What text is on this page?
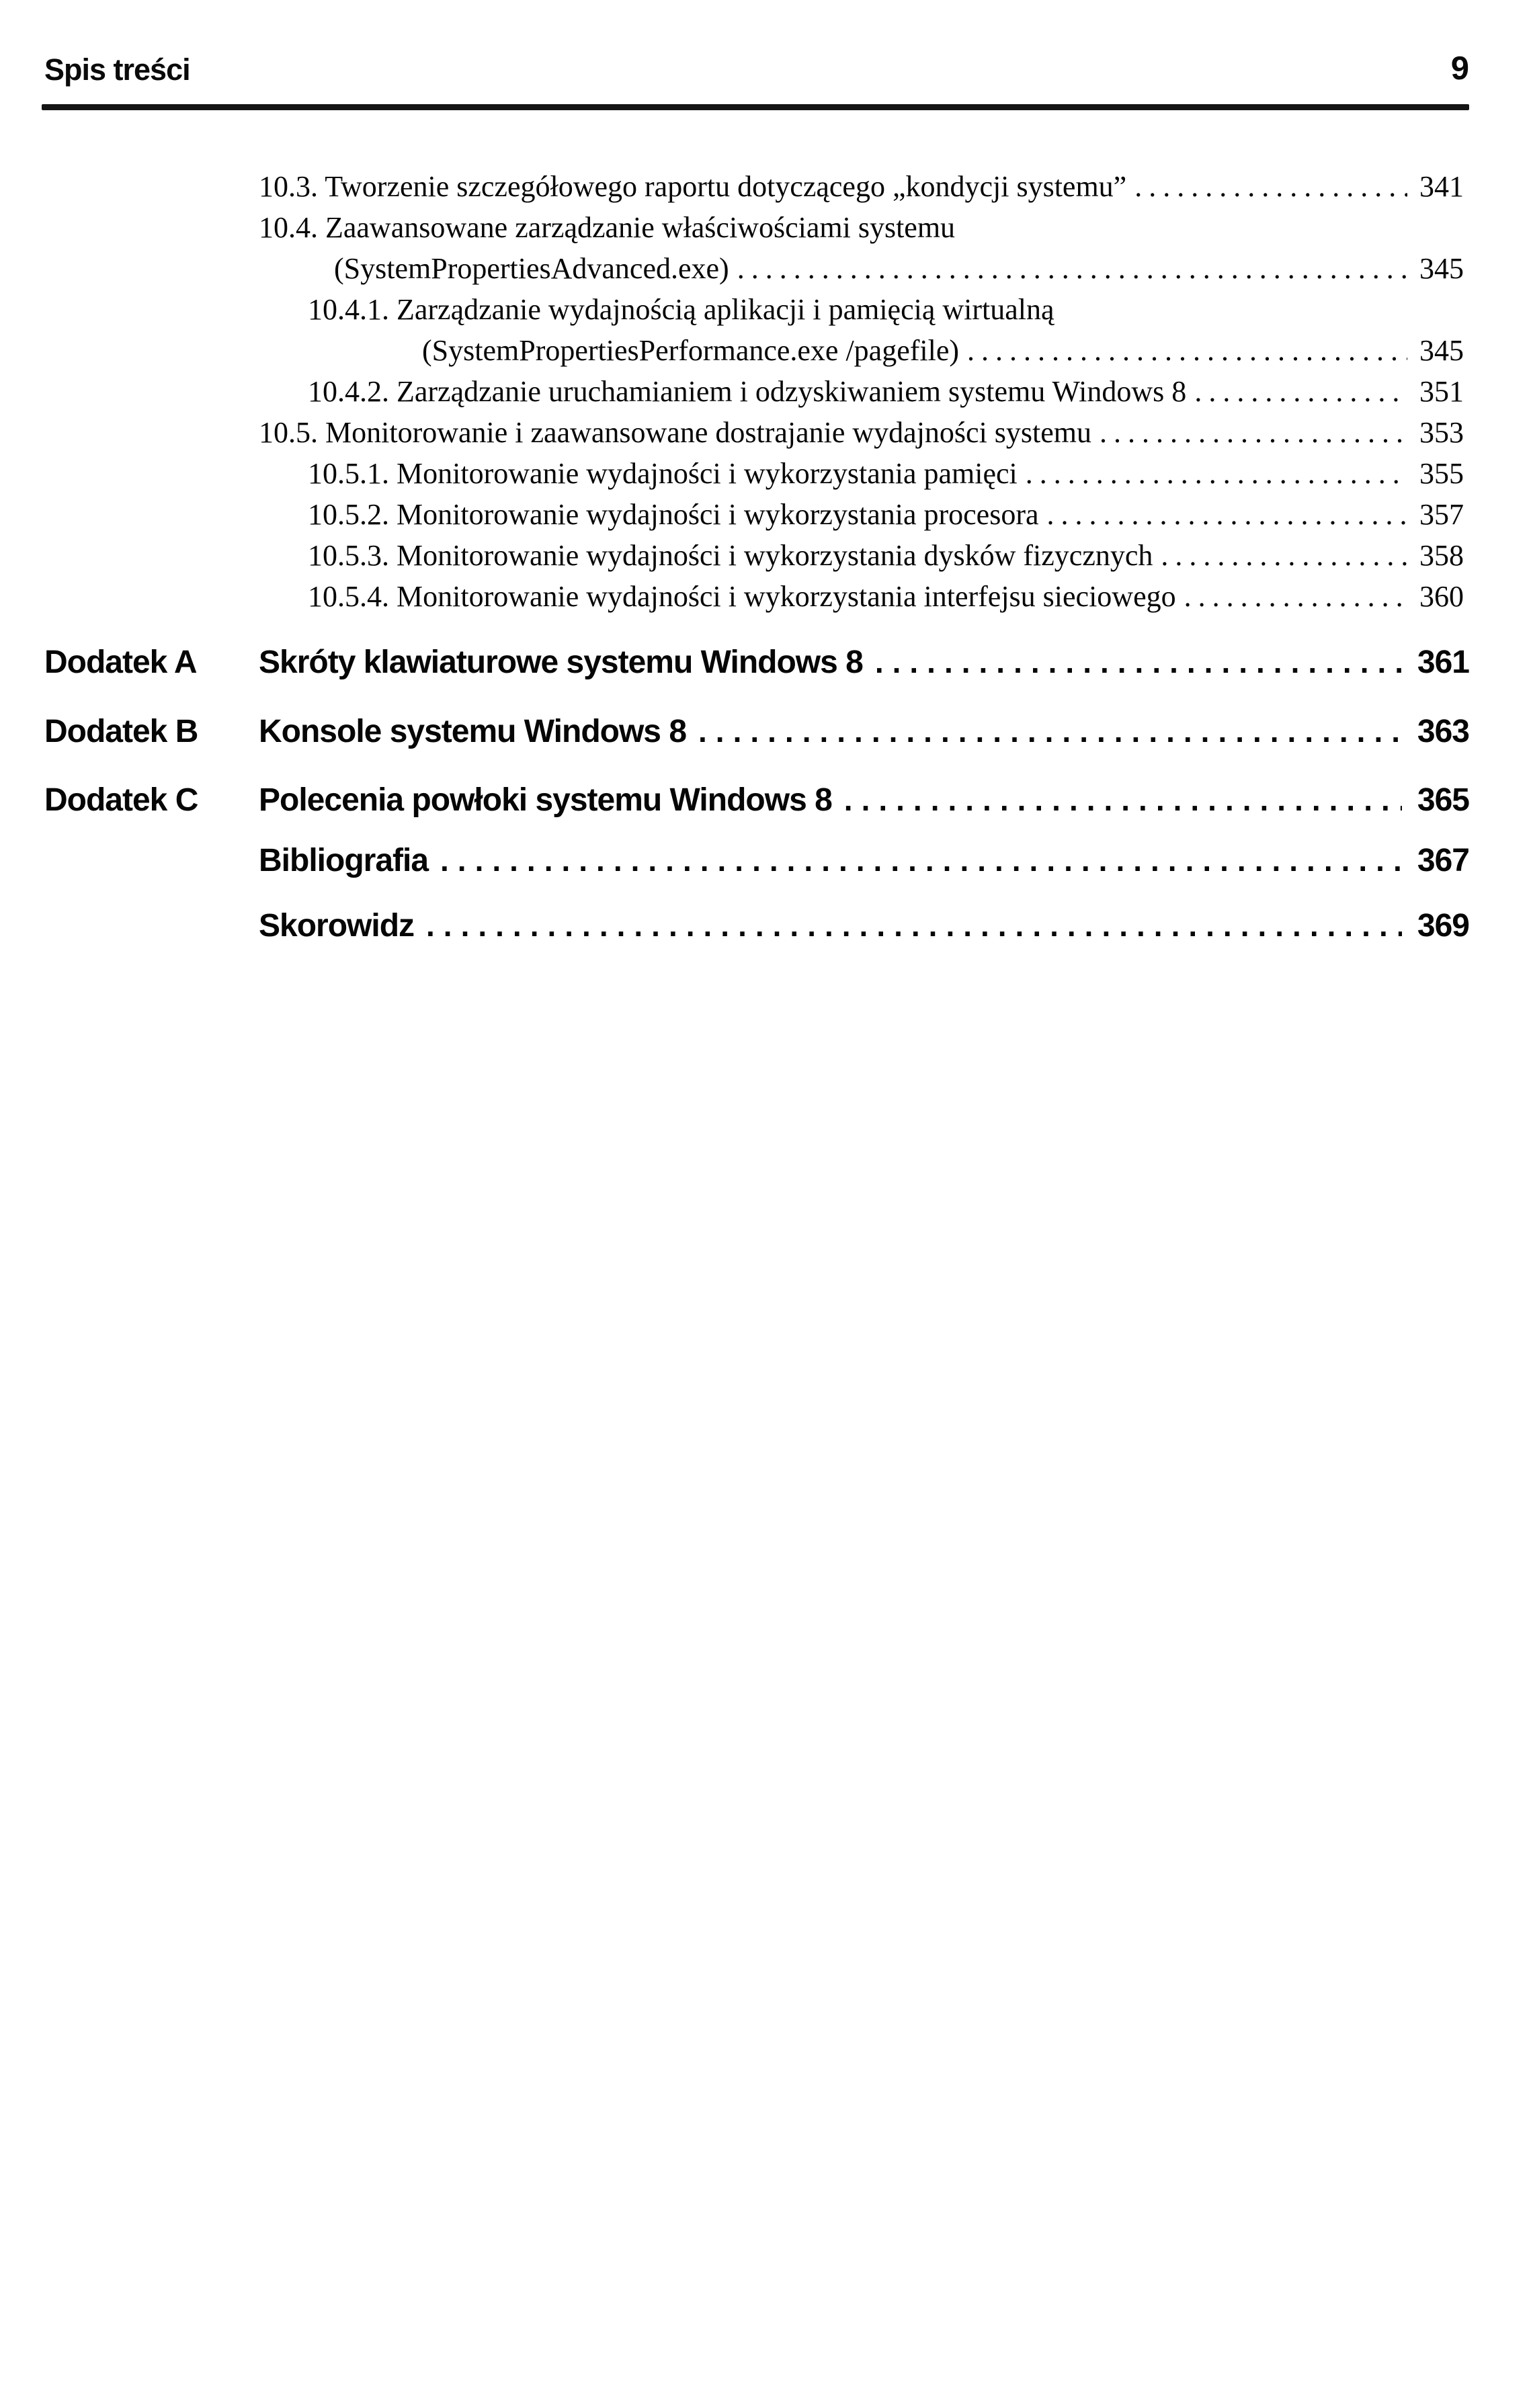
Spis treści	9
10.3. Tworzenie szczegółowego raportu dotyczącego „kondycji systemu” .....	341
10.4. Zaawansowane zarządzanie właściwościami systemu
(SystemPropertiesAdvanced.exe) .....	345
10.4.1. Zarządzanie wydajnością aplikacji i pamięcią wirtualną
(SystemPropertiesPerformance.exe /pagefile) .....	345
10.4.2. Zarządzanie uruchamianiem i odzyskiwaniem systemu Windows 8 .....	351
10.5. Monitorowanie i zaawansowane dostrajanie wydajności systemu .....	353
10.5.1. Monitorowanie wydajności i wykorzystania pamięci .....	355
10.5.2. Monitorowanie wydajności i wykorzystania procesora .....	357
10.5.3. Monitorowanie wydajności i wykorzystania dysków fizycznych .....	358
10.5.4. Monitorowanie wydajności i wykorzystania interfejsu sieciowego .....	360
Dodatek A	Skróty klawiaturowe systemu Windows 8 .....	361
Dodatek B	Konsole systemu Windows 8 .....	363
Dodatek C	Polecenia powłoki systemu Windows 8 .....	365
Bibliografia .....	367
Skorowidz .....	369
